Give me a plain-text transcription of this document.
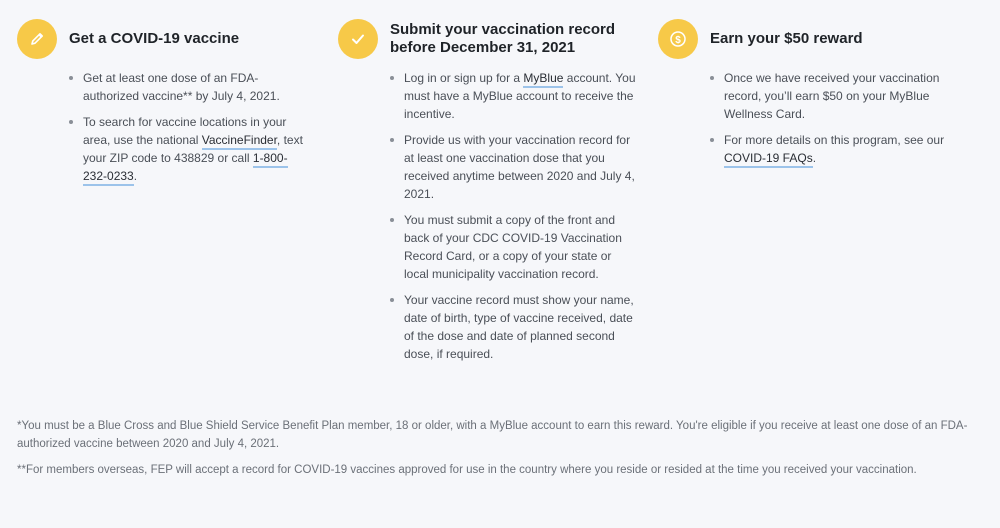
Get a COVID-19 vaccine
Get at least one dose of an FDA-authorized vaccine** by July 4, 2021.
To search for vaccine locations in your area, use the national VaccineFinder, text your ZIP code to 438829 or call 1-800-232-0233.
Submit your vaccination record
before December 31, 2021
Log in or sign up for a MyBlue account. You must have a MyBlue account to receive the incentive.
Provide us with your vaccination record for at least one vaccination dose that you received anytime between 2020 and July 4, 2021.
You must submit a copy of the front and back of your CDC COVID-19 Vaccination Record Card, or a copy of your state or local municipality vaccination record.
Your vaccine record must show your name, date of birth, type of vaccine received, date of the dose and date of planned second dose, if required.
$ Earn your $50 reward
Once we have received your vaccination record, you’ll earn $50 on your MyBlue Wellness Card.
For more details on this program, see our COVID-19 FAQs.

*You must be a Blue Cross and Blue Shield Service Benefit Plan member, 18 or older, with a MyBlue account to earn this reward. You're eligible if you receive at least one dose of an FDA-authorized vaccine between 2020 and July 4, 2021.

**For members overseas, FEP will accept a record for COVID-19 vaccines approved for use in the country where you reside or resided at the time you received your vaccination.
